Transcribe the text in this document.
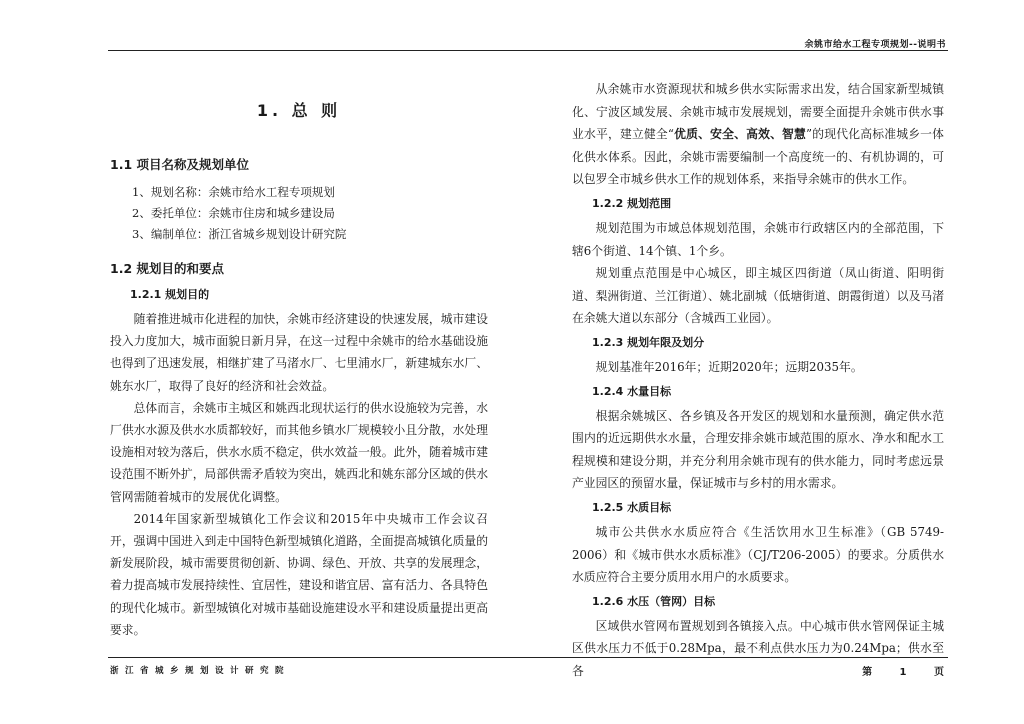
余姚市给水工程专项规划--说明书
1. 总 则
1.1 项目名称及规划单位
1、规划名称：余姚市给水工程专项规划
2、委托单位：余姚市住房和城乡建设局
3、编制单位：浙江省城乡规划设计研究院
1.2 规划目的和要点
1.2.1 规划目的

随着推进城市化进程的加快，余姚市经济建设的快速发展，城市建设投入力度加大，城市面貌日新月异，在这一过程中余姚市的给水基础设施也得到了迅速发展，相继扩建了马渚水厂、七里浦水厂，新建城东水厂、姚东水厂，取得了良好的经济和社会效益。

总体而言，余姚市主城区和姚西北现状运行的供水设施较为完善，水厂供水水源及供水水质都较好，而其他乡镇水厂规模较小且分散，水处理设施相对较为落后，供水水质不稳定，供水效益一般。此外，随着城市建设范围不断外扩，局部供需矛盾较为突出，姚西北和姚东部分区域的供水管网需随着城市的发展优化调整。

2014年国家新型城镇化工作会议和2015年中央城市工作会议召开，强调中国进入到走中国特色新型城镇化道路，全面提高城镇化质量的新发展阶段，城市需要贯彻创新、协调、绿色、开放、共享的发展理念，着力提高城市发展持续性、宜居性，建设和谐宜居、富有活力、各具特色的现代化城市。新型城镇化对城市基础设施建设水平和建设质量提出更高要求。

从余姚市水资源现状和城乡供水实际需求出发，结合国家新型城镇化、宁波区域发展、余姚市城市发展规划，需要全面提升余姚市供水事业水平，建立健全“优质、安全、高效、智慧”的现代化高标准城乡一体化供水体系。因此，余姚市需要编制一个高度统一的、有机协调的，可以包罗全市城乡供水工作的规划体系，来指导余姚市的供水工作。

1.2.2 规划范围

规划范围为市域总体规划范围，余姚市行政辖区内的全部范围，下辖6个街道、14个镇、1个乡。

规划重点范围是中心城区，即主城区四街道（凤山街道、阳明街道、梨洲街道、兰江街道）、姚北副城（低塘街道、朗霞街道）以及马渚在余姚大道以东部分（含城西工业园）。

1.2.3 规划年限及划分

规划基准年2016年；近期2020年；远期2035年。

1.2.4 水量目标

根据余姚城区、各乡镇及各开发区的规划和水量预测，确定供水范围内的近远期供水水量，合理安排余姚市域范围的原水、净水和配水工程规模和建设分期，并充分利用余姚市现有的供水能力，同时考虑远景产业园区的预留水量，保证城市与乡村的用水需求。

1.2.5 水质目标

城市公共供水水质应符合《生活饮用水卫生标准》（GB 5749-2006）和《城市供水水质标准》（CJ/T206-2005）的要求。分质供水水质应符合主要分质用水用户的水质要求。

1.2.6 水压（管网）目标

区域供水管网布置规划到各镇接入点。中心城市供水管网保证主城区供水压力不低于0.28Mpa，最不利点供水压力为0.24Mpa；供水至各

浙江省城乡规划设计研究院	第 1 页
